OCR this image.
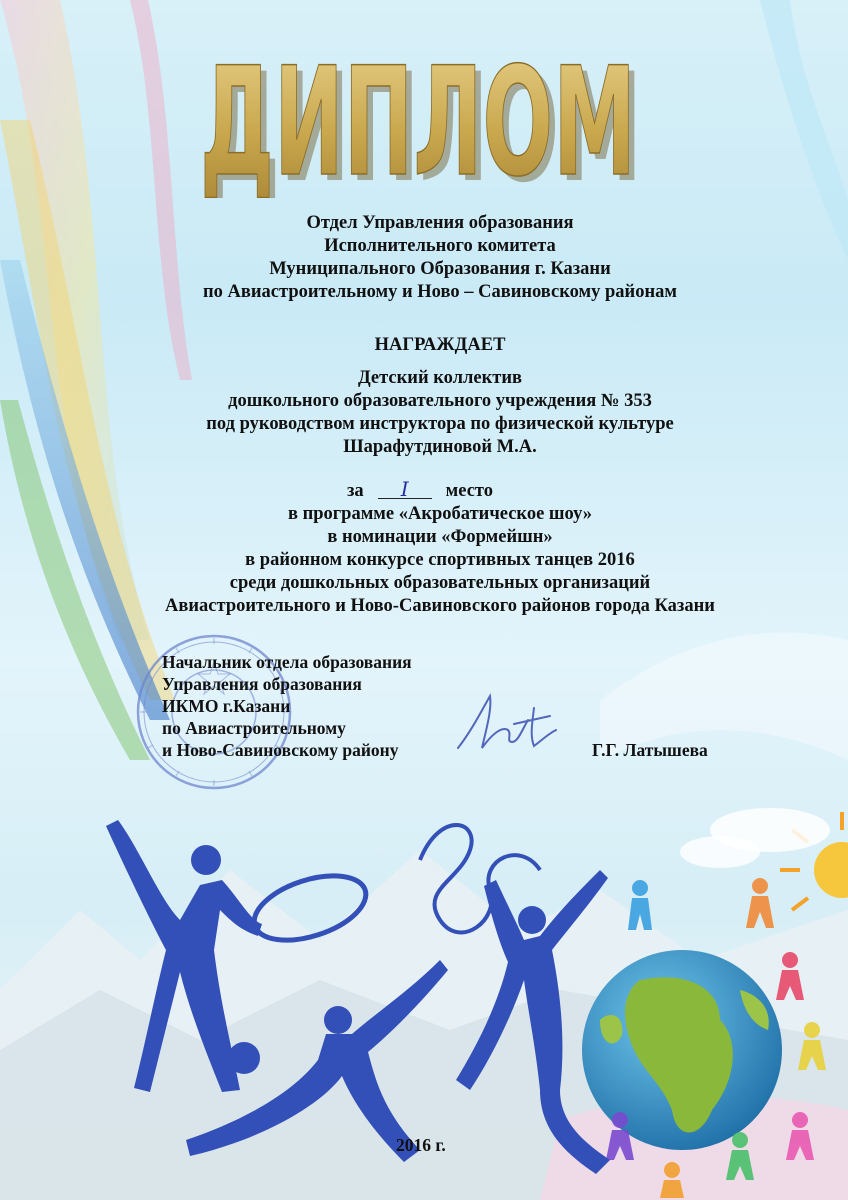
ДИПЛОМ
ДИПЛОМ
Отдел Управления образования
Исполнительного комитета
Муниципального Образования г. Казани
по Авиастроительному и Ново – Савиновскому районам
НАГРАЖДАЕТ
Детский коллектив
дошкольного образовательного учреждения № 353
под руководством инструктора по физической культуре
Шарафутдиновой М.А.
за I место
в программе «Акробатическое шоу»
в номинации «Формейшн»
в районном конкурсе спортивных танцев 2016
среди дошкольных образовательных организаций
Авиастроительного и Ново-Савиновского районов города Казани
Начальник отдела образования
Управления образования
ИКМО г.Казани
по Авиастроительному
и Ново-Савиновскому району	Г.Г. Латышева
2016 г.
